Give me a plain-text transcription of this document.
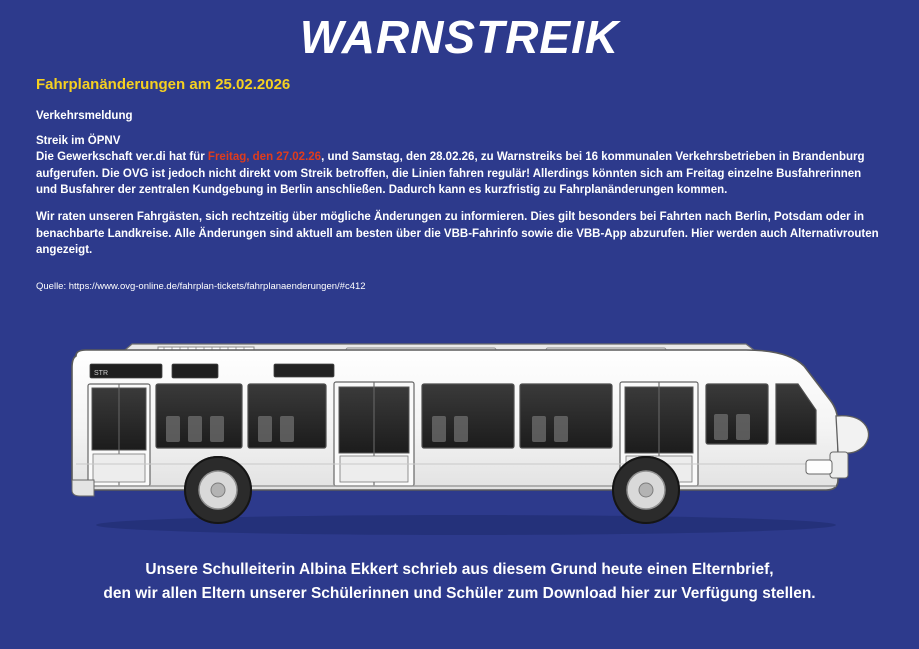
WARNSTREIK
Fahrplanänderungen am 25.02.2026
Verkehrsmeldung
Streik im ÖPNV
Die Gewerkschaft ver.di hat für Freitag, den 27.02.26, und Samstag, den 28.02.26, zu Warnstreiks bei 16 kommunalen Verkehrsbetrieben in Brandenburg aufgerufen. Die OVG ist jedoch nicht direkt vom Streik betroffen, die Linien fahren regulär! Allerdings könnten sich am Freitag einzelne Busfahrerinnen und Busfahrer der zentralen Kundgebung in Berlin anschließen. Dadurch kann es kurzfristig zu Fahrplanänderungen kommen.
Wir raten unseren Fahrgästen, sich rechtzeitig über mögliche Änderungen zu informieren. Dies gilt besonders bei Fahrten nach Berlin, Potsdam oder in benachbarte Landkreise. Alle Änderungen sind aktuell am besten über die VBB-Fahrinfo sowie die VBB-App abzurufen. Hier werden auch Alternativrouten angezeigt.
Quelle: https://www.ovg-online.de/fahrplan-tickets/fahrplanaenderungen/#c412
STR
Unsere Schulleiterin Albina Ekkert schrieb aus diesem Grund heute einen Elternbrief,
den wir allen Eltern unserer Schülerinnen und Schüler zum Download hier zur Verfügung stellen.
